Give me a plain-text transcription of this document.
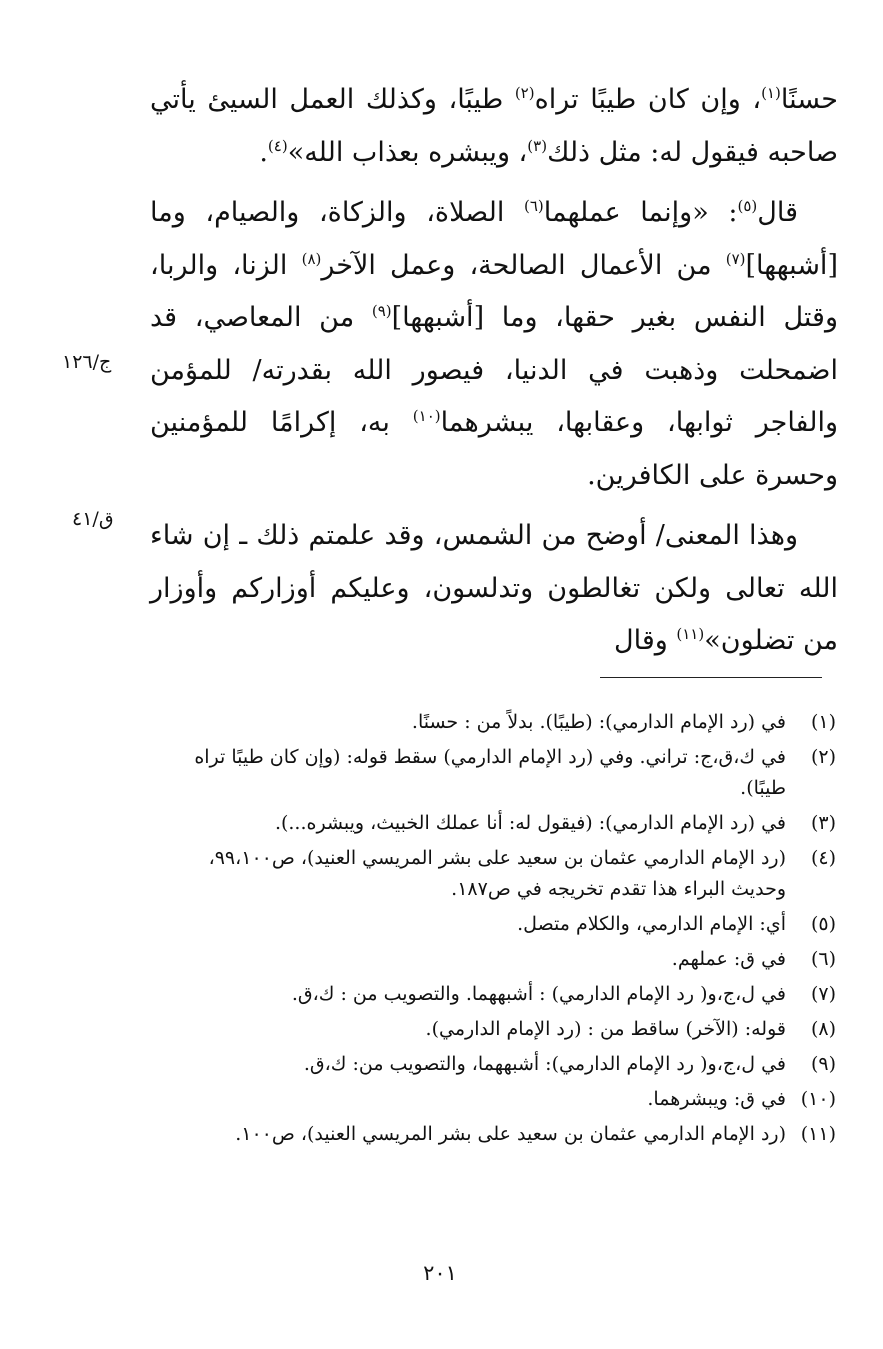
حسنًا$^{(١)}$، وإن كان طيبًا تراه$^{(٢)}$ طيبًا، وكذلك العمل السيئ يأتي صاحبه فيقول له: مثل ذلك$^{(٣)}$، ويبشره بعذاب الله»$^{(٤)}$.

قال$^{(٥)}$: «وإنما عملهما$^{(٦)}$ الصلاة، والزكاة، والصيام، وما [أشبهها]$^{(٧)}$ من الأعمال الصالحة، وعمل الآخر$^{(٨)}$ الزنا، والربا، وقتل النفس بغير حقها، وما [أشبهها]$^{(٩)}$ من المعاصي، قد اضمحلت وذهبت في الدنيا، فيصور الله بقدرته/ للمؤمن والفاجر ثوابها، وعقابها، يبشرهما$^{(١٠)}$ به، إكرامًا للمؤمنين وحسرة على الكافرين.

وهذا المعنى/ أوضح من الشمس، وقد علمتم ذلك ـ إن شاء الله تعالى ولكن تغالطون وتدلسون، وعليكم أوزاركم وأوزار من تضلون»$^{(١١)}$ وقال

ج/١٢٦
ق/٤١
(١)
في (رد الإمام الدارمي): (طيبًا). بدلاً من : حسنًا.
(٢)
في ك،ق،ج: تراني. وفي (رد الإمام الدارمي) سقط قوله: (وإن كان طيبًا تراه طيبًا).
(٣)
في (رد الإمام الدارمي): (فيقول له: أنا عملك الخبيث، ويبشره...).
(٤)
(رد الإمام الدارمي عثمان بن سعيد على بشر المريسي العنيد)، ص٩٩،١٠٠، وحديث البراء هذا تقدم تخريجه في ص١٨٧.
(٥)
أي: الإمام الدارمي، والكلام متصل.
(٦)
في ق: عملهم.
(٧)
في ل،ج،و( رد الإمام الدارمي) : أشبههما. والتصويب من : ك،ق.
(٨)
قوله: (الآخر) ساقط من : (رد الإمام الدارمي).
(٩)
في ل،ج،و( رد الإمام الدارمي): أشبههما، والتصويب من: ك،ق.
(١٠)
في ق: ويبشرهما.
(١١)
(رد الإمام الدارمي عثمان بن سعيد على بشر المريسي العنيد)، ص١٠٠.
٢٠١
